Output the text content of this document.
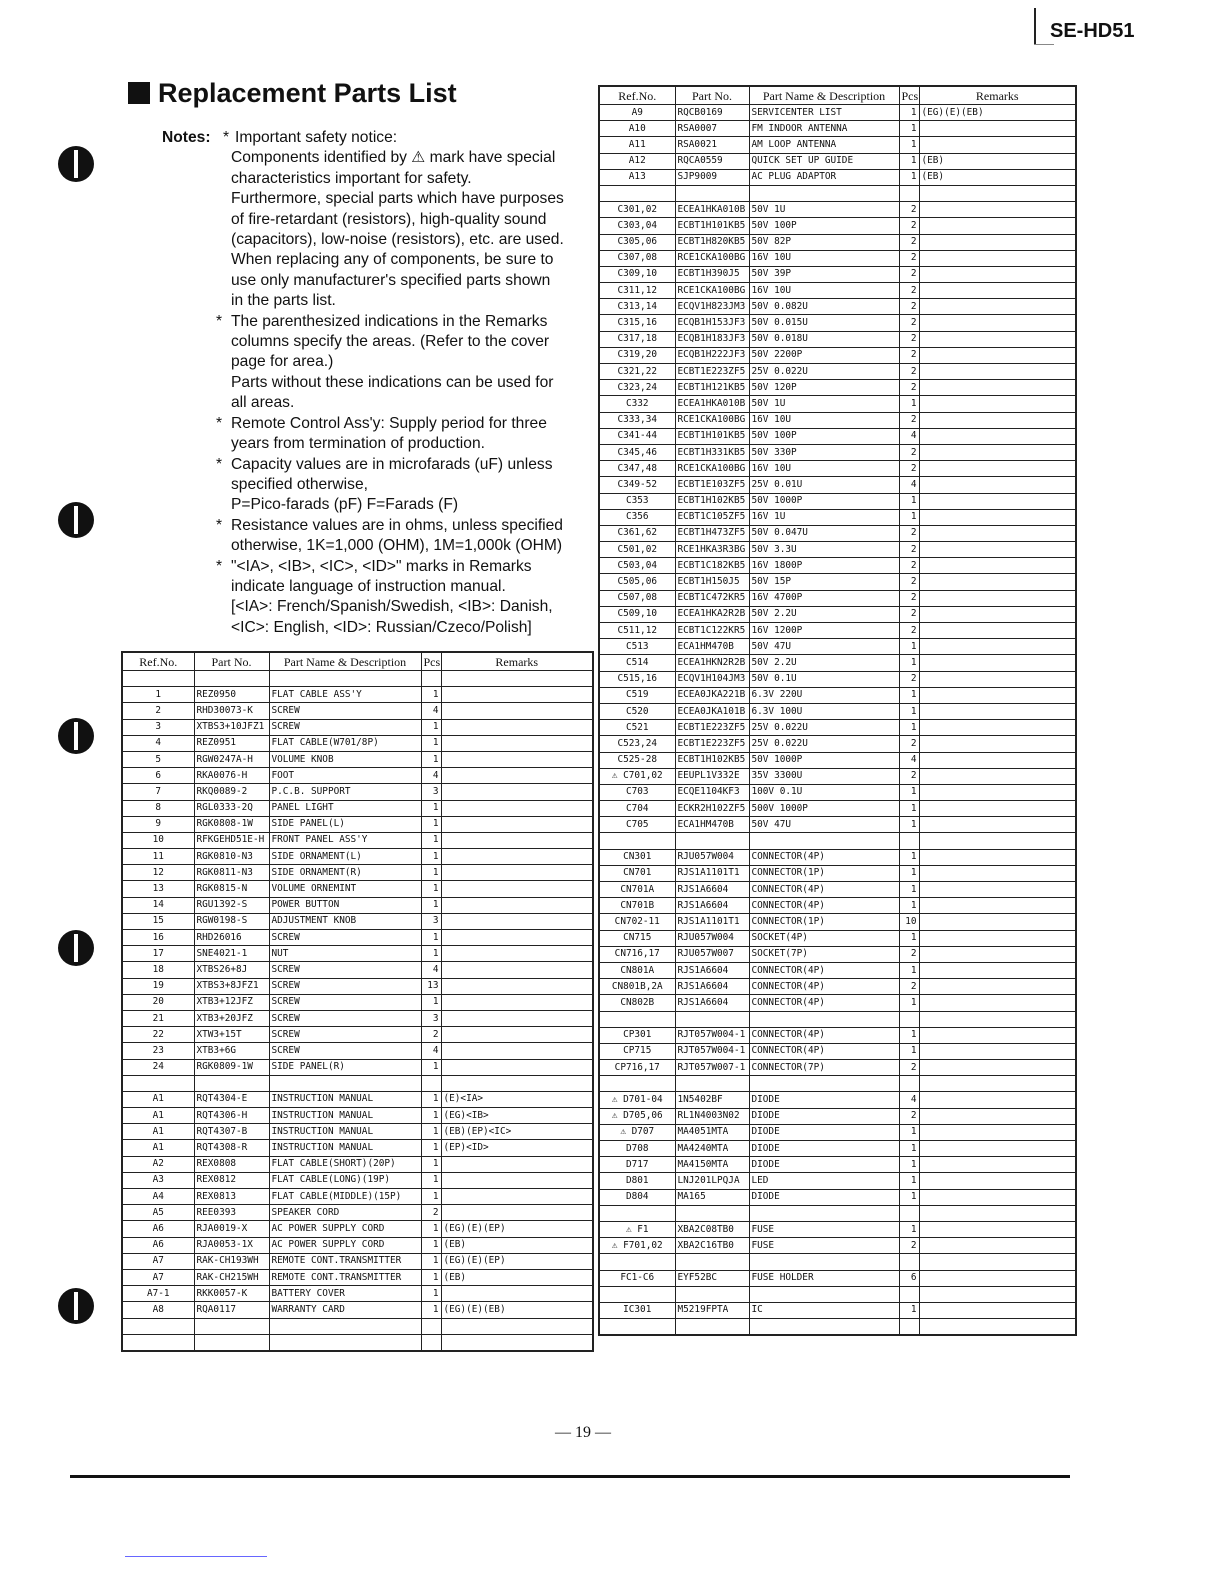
SE-HD51
Replacement Parts List
Notes: * Important safety notice:
Components identified by ⚠ mark have special
characteristics important for safety.
Furthermore, special parts which have purposes
of fire-retardant (resistors), high-quality sound
(capacitors), low-noise (resistors), etc. are used.
When replacing any of components, be sure to
use only manufacturer's specified parts shown
in the parts list.
* The parenthesized indications in the Remarks
columns specify the areas. (Refer to the cover
page for area.)
Parts without these indications can be used for
all areas.
* Remote Control Ass'y: Supply period for three
years from termination of production.
* Capacity values are in microfarads (uF) unless
specified otherwise,
P=Pico-farads (pF) F=Farads (F)
* Resistance values are in ohms, unless specified
otherwise, 1K=1,000 (OHM), 1M=1,000k (OHM)
* "<IA>, <IB>, <IC>, <ID>" marks in Remarks
indicate language of instruction manual.
[<IA>: French/Spanish/Swedish, <IB>: Danish,
<IC>: English, <ID>: Russian/Czeco/Polish]
Ref.No.	Part No.	Part Name & Description	Pcs	Remarks

1	REZ0950	FLAT CABLE ASS'Y	1	
2	RHD30073-K	SCREW	4	
3	XTBS3+10JFZ1	SCREW	1	
4	REZ0951	FLAT CABLE(W701/8P)	1	
5	RGW0247A-H	VOLUME KNOB	1	
6	RKA0076-H	FOOT	4	
7	RKQ0089-2	P.C.B. SUPPORT	3	
8	RGL0333-2Q	PANEL LIGHT	1	
9	RGK0808-1W	SIDE PANEL(L)	1	
10	RFKGEHD51E-H	FRONT PANEL ASS'Y	1	
11	RGK0810-N3	SIDE ORNAMENT(L)	1	
12	RGK0811-N3	SIDE ORNAMENT(R)	1	
13	RGK0815-N	VOLUME ORNEMINT	1	
14	RGU1392-S	POWER BUTTON	1	
15	RGW0198-S	ADJUSTMENT KNOB	3	
16	RHD26016	SCREW	1	
17	SNE4021-1	NUT	1	
18	XTBS26+8J	SCREW	4	
19	XTBS3+8JFZ1	SCREW	13	
20	XTB3+12JFZ	SCREW	1	
21	XTB3+20JFZ	SCREW	3	
22	XTW3+15T	SCREW	2	
23	XTB3+6G	SCREW	4	
24	RGK0809-1W	SIDE PANEL(R)	1	

A1	RQT4304-E	INSTRUCTION MANUAL	1	(E)<IA>
A1	RQT4306-H	INSTRUCTION MANUAL	1	(EG)<IB>
A1	RQT4307-B	INSTRUCTION MANUAL	1	(EB)(EP)<IC>
A1	RQT4308-R	INSTRUCTION MANUAL	1	(EP)<ID>
A2	REX0808	FLAT CABLE(SHORT)(20P)	1	
A3	REX0812	FLAT CABLE(LONG)(19P)	1	
A4	REX0813	FLAT CABLE(MIDDLE)(15P)	1	
A5	REE0393	SPEAKER CORD	2	
A6	RJA0019-X	AC POWER SUPPLY CORD	1	(EG)(E)(EP)
A6	RJA0053-1X	AC POWER SUPPLY CORD	1	(EB)
A7	RAK-CH193WH	REMOTE CONT.TRANSMITTER	1	(EG)(E)(EP)
A7	RAK-CH215WH	REMOTE CONT.TRANSMITTER	1	(EB)
A7-1	RKK0057-K	BATTERY COVER	1	
A8	RQA0117	WARRANTY CARD	1	(EG)(E)(EB)

Ref.No.	Part No.	Part Name & Description	Pcs	Remarks
A9	RQCB0169	SERVICENTER LIST	1	(EG)(E)(EB)
A10	RSA0007	FM INDOOR ANTENNA	1	
A11	RSA0021	AM LOOP ANTENNA	1	
A12	RQCA0559	QUICK SET UP GUIDE	1	(EB)
A13	SJP9009	AC PLUG ADAPTOR	1	(EB)

C301,02	ECEA1HKA010B	50V 1U	2	
C303,04	ECBT1H101KB5	50V 100P	2	
C305,06	ECBT1H820KB5	50V 82P	2	
C307,08	RCE1CKA100BG	16V 10U	2	
C309,10	ECBT1H390J5	50V 39P	2	
C311,12	RCE1CKA100BG	16V 10U	2	
C313,14	ECQV1H823JM3	50V 0.082U	2	
C315,16	ECQB1H153JF3	50V 0.015U	2	
C317,18	ECQB1H183JF3	50V 0.018U	2	
C319,20	ECQB1H222JF3	50V 2200P	2	
C321,22	ECBT1E223ZF5	25V 0.022U	2	
C323,24	ECBT1H121KB5	50V 120P	2	
C332	ECEA1HKA010B	50V 1U	1	
C333,34	RCE1CKA100BG	16V 10U	2	
C341-44	ECBT1H101KB5	50V 100P	4	
C345,46	ECBT1H331KB5	50V 330P	2	
C347,48	RCE1CKA100BG	16V 10U	2	
C349-52	ECBT1E103ZF5	25V 0.01U	4	
C353	ECBT1H102KB5	50V 1000P	1	
C356	ECBT1C105ZF5	16V 1U	1	
C361,62	ECBT1H473ZF5	50V 0.047U	2	
C501,02	RCE1HKA3R3BG	50V 3.3U	2	
C503,04	ECBT1C182KB5	16V 1800P	2	
C505,06	ECBT1H150J5	50V 15P	2	
C507,08	ECBT1C472KR5	16V 4700P	2	
C509,10	ECEA1HKA2R2B	50V 2.2U	2	
C511,12	ECBT1C122KR5	16V 1200P	2	
C513	ECA1HM470B	50V 47U	1	
C514	ECEA1HKN2R2B	50V 2.2U	1	
C515,16	ECQV1H104JM3	50V 0.1U	2	
C519	ECEA0JKA221B	6.3V 220U	1	
C520	ECEA0JKA101B	6.3V 100U	1	
C521	ECBT1E223ZF5	25V 0.022U	1	
C523,24	ECBT1E223ZF5	25V 0.022U	2	
C525-28	ECBT1H102KB5	50V 1000P	4	
⚠ C701,02	EEUPL1V332E	35V 3300U	2	
C703	ECQE1104KF3	100V 0.1U	1	
C704	ECKR2H102ZF5	500V 1000P	1	
C705	ECA1HM470B	50V 47U	1	

CN301	RJU057W004	CONNECTOR(4P)	1	
CN701	RJS1A1101T1	CONNECTOR(1P)	1	
CN701A	RJS1A6604	CONNECTOR(4P)	1	
CN701B	RJS1A6604	CONNECTOR(4P)	1	
CN702-11	RJS1A1101T1	CONNECTOR(1P)	10	
CN715	RJU057W004	SOCKET(4P)	1	
CN716,17	RJU057W007	SOCKET(7P)	2	
CN801A	RJS1A6604	CONNECTOR(4P)	1	
CN801B,2A	RJS1A6604	CONNECTOR(4P)	2	
CN802B	RJS1A6604	CONNECTOR(4P)	1	

CP301	RJT057W004-1	CONNECTOR(4P)	1	
CP715	RJT057W004-1	CONNECTOR(4P)	1	
CP716,17	RJT057W007-1	CONNECTOR(7P)	2	

⚠ D701-04	1N5402BF	DIODE	4	
⚠ D705,06	RL1N4003N02	DIODE	2	
⚠ D707	MA4051MTA	DIODE	1	
D708	MA4240MTA	DIODE	1	
D717	MA4150MTA	DIODE	1	
D801	LNJ201LPQJA	LED	1	
D804	MA165	DIODE	1	

⚠ F1	XBA2C08TB0	FUSE	1	
⚠ F701,02	XBA2C16TB0	FUSE	2	

FC1-C6	EYF52BC	FUSE HOLDER	6	

IC301	M5219FPTA	IC	1	

— 19 —
